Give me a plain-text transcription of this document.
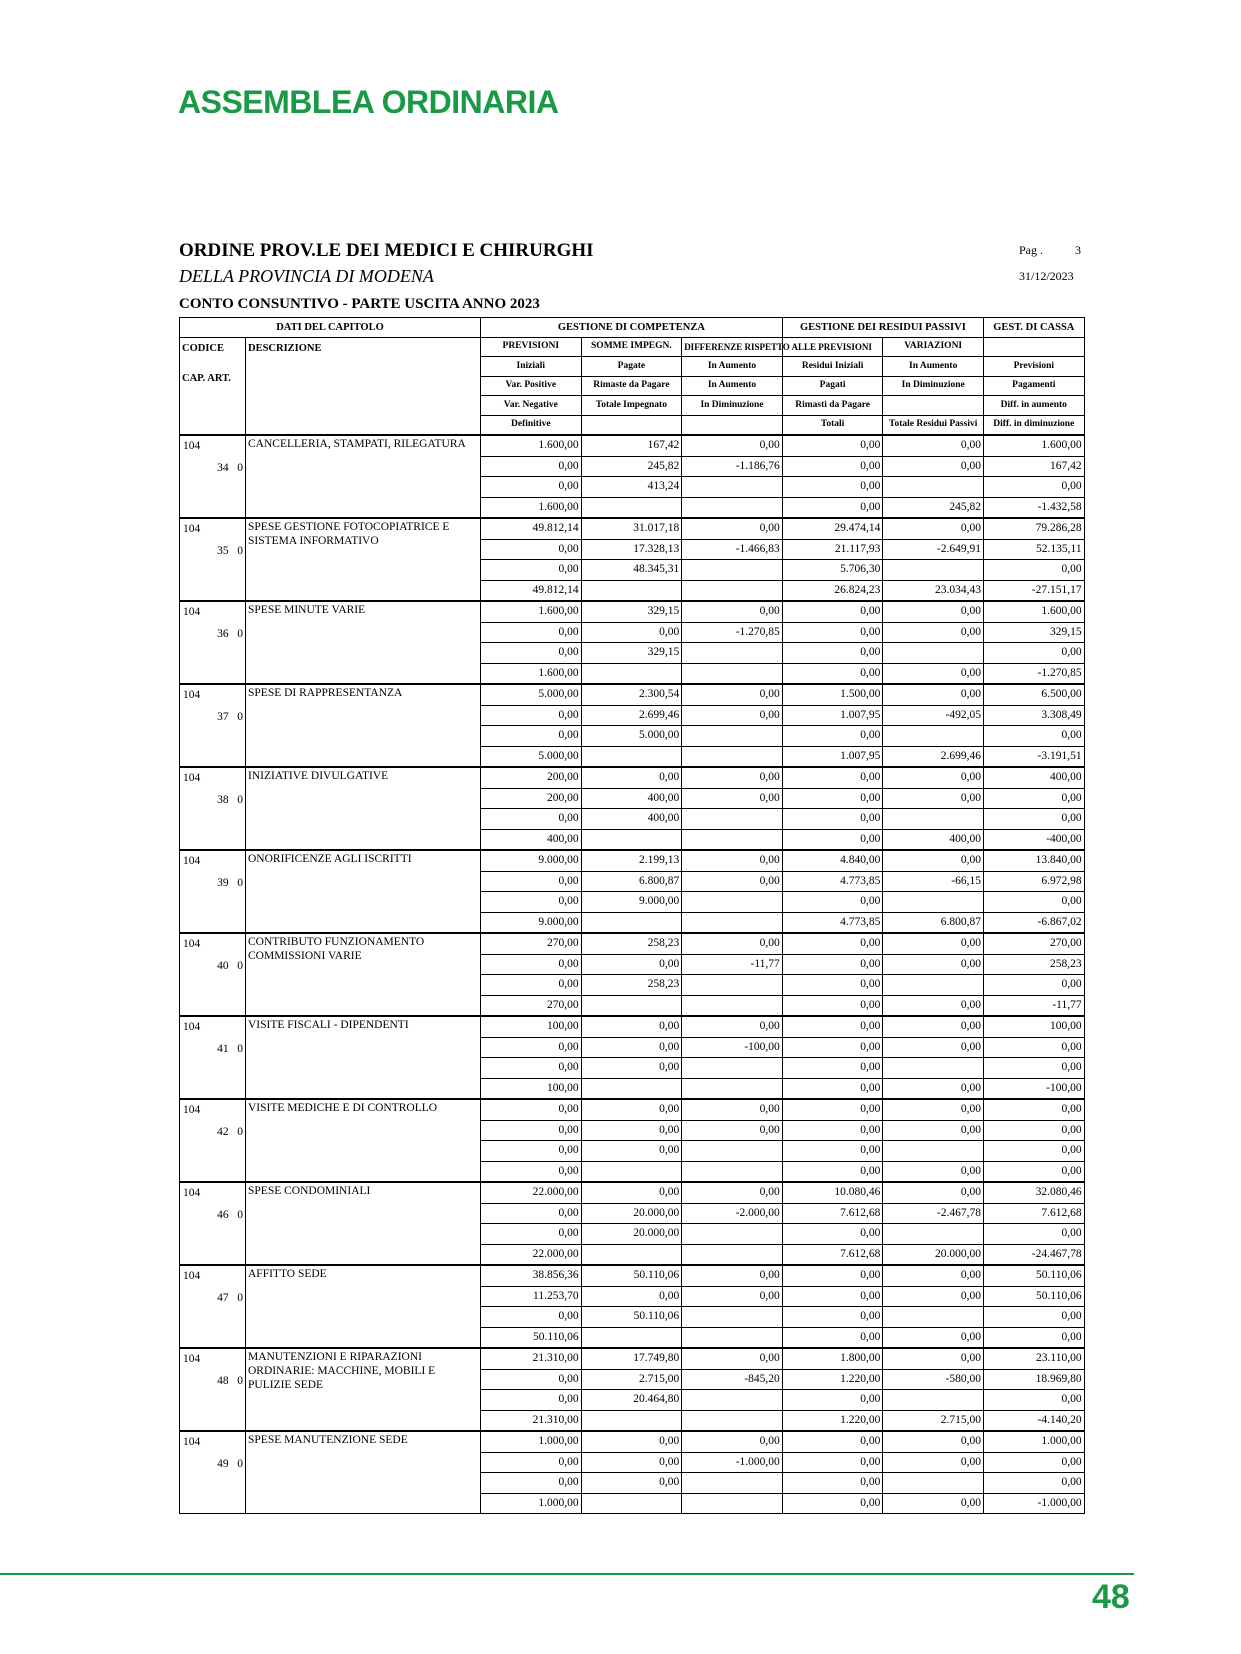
ASSEMBLEA ORDINARIA
ORDINE PROV.LE DEI MEDICI E CHIRURGHI
DELLA PROVINCIA DI MODENA
CONTO CONSUNTIVO - PARTE USCITA ANNO 2023
Pag .	3
31/12/2023
DATI DEL CAPITOLO		GESTIONE DI COMPETENZA			GESTIONE DEI RESIDUI PASSIVI		GEST. DI CASSA
CODICE

CAP. ART.	DESCRIZIONE	PREVISIONI	SOMME IMPEGN.	DIFFERENZE RISPETTO ALLE PREVISIONI		VARIAZIONI	
		Iniziali	Pagate	In Aumento	Residui Iniziali	In Aumento	Previsioni
		Var. Positive	Rimaste da Pagare	In Aumento	Pagati	In Diminuzione	Pagamenti
		Var. Negative	Totale Impegnato	In Diminuzione	Rimasti da Pagare		Diff. in aumento
		Definitive			Totali	Totale Residui Passivi	Diff. in diminuzione

104
34 0	CANCELLERIA, STAMPATI, RILEGATURA	1.600,00	167,42	0,00	0,00	0,00	1.600,00
		0,00	245,82	-1.186,76	0,00	0,00	167,42
		0,00	413,24		0,00		0,00
		1.600,00			0,00	245,82	-1.432,58

104
35 0	SPESE GESTIONE FOTOCOPIATRICE E SISTEMA INFORMATIVO	49.812,14	31.017,18	0,00	29.474,14	0,00	79.286,28
		0,00	17.328,13	-1.466,83	21.117,93	-2.649,91	52.135,11
		0,00	48.345,31		5.706,30		0,00
		49.812,14			26.824,23	23.034,43	-27.151,17

104
36 0	SPESE MINUTE VARIE	1.600,00	329,15	0,00	0,00	0,00	1.600,00
		0,00	0,00	-1.270,85	0,00	0,00	329,15
		0,00	329,15		0,00		0,00
		1.600,00			0,00	0,00	-1.270,85

104
37 0	SPESE DI RAPPRESENTANZA	5.000,00	2.300,54	0,00	1.500,00	0,00	6.500,00
		0,00	2.699,46	0,00	1.007,95	-492,05	3.308,49
		0,00	5.000,00		0,00		0,00
		5.000,00			1.007,95	2.699,46	-3.191,51

104
38 0	INIZIATIVE DIVULGATIVE	200,00	0,00	0,00	0,00	0,00	400,00
		200,00	400,00	0,00	0,00	0,00	0,00
		0,00	400,00		0,00		0,00
		400,00			0,00	400,00	-400,00

104
39 0	ONORIFICENZE AGLI ISCRITTI	9.000,00	2.199,13	0,00	4.840,00	0,00	13.840,00
		0,00	6.800,87	0,00	4.773,85	-66,15	6.972,98
		0,00	9.000,00		0,00		0,00
		9.000,00			4.773,85	6.800,87	-6.867,02

104
40 0	CONTRIBUTO FUNZIONAMENTO COMMISSIONI VARIE	270,00	258,23	0,00	0,00	0,00	270,00
		0,00	0,00	-11,77	0,00	0,00	258,23
		0,00	258,23		0,00		0,00
		270,00			0,00	0,00	-11,77

104
41 0	VISITE FISCALI - DIPENDENTI	100,00	0,00	0,00	0,00	0,00	100,00
		0,00	0,00	-100,00	0,00	0,00	0,00
		0,00	0,00		0,00		0,00
		100,00			0,00	0,00	-100,00

104
42 0	VISITE MEDICHE E DI CONTROLLO	0,00	0,00	0,00	0,00	0,00	0,00
		0,00	0,00	0,00	0,00	0,00	0,00
		0,00	0,00		0,00		0,00
		0,00			0,00	0,00	0,00

104
46 0	SPESE CONDOMINIALI	22.000,00	0,00	0,00	10.080,46	0,00	32.080,46
		0,00	20.000,00	-2.000,00	7.612,68	-2.467,78	7.612,68
		0,00	20.000,00		0,00		0,00
		22.000,00			7.612,68	20.000,00	-24.467,78

104
47 0	AFFITTO SEDE	38.856,36	50.110,06	0,00	0,00	0,00	50.110,06
		11.253,70	0,00	0,00	0,00	0,00	50.110,06
		0,00	50.110,06		0,00		0,00
		50.110,06			0,00	0,00	0,00

104
48 0	MANUTENZIONI E RIPARAZIONI ORDINARIE: MACCHINE, MOBILI E PULIZIE SEDE	21.310,00	17.749,80	0,00	1.800,00	0,00	23.110,00
		0,00	2.715,00	-845,20	1.220,00	-580,00	18.969,80
		0,00	20.464,80		0,00		0,00
		21.310,00			1.220,00	2.715,00	-4.140,20

104
49 0	SPESE MANUTENZIONE SEDE	1.000,00	0,00	0,00	0,00	0,00	1.000,00
		0,00	0,00	-1.000,00	0,00	0,00	0,00
		0,00	0,00		0,00		0,00
		1.000,00			0,00	0,00	-1.000,00
48
